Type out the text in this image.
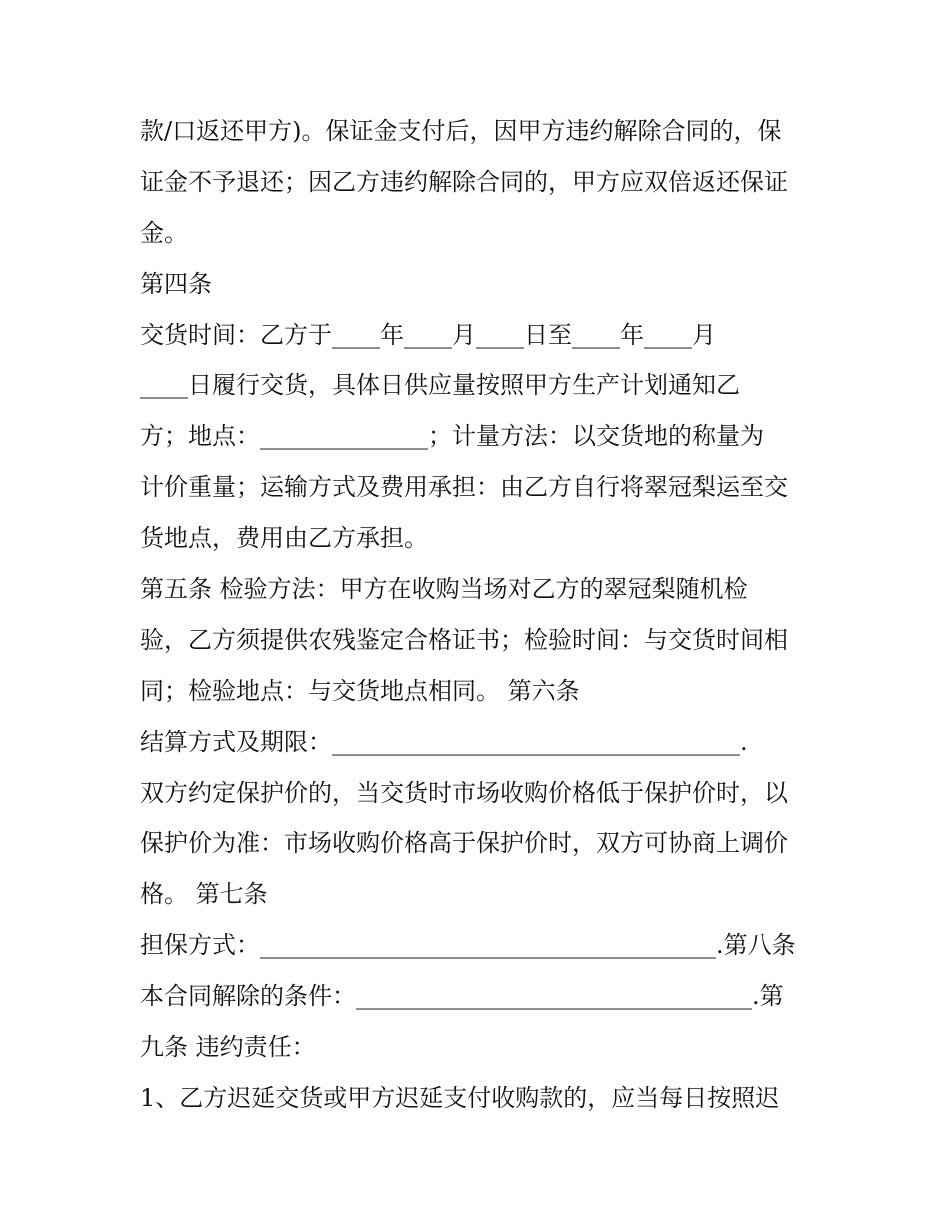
款/口返还甲方)。保证金支付后，因甲方违约解除合同的，保
证金不予退还；因乙方违约解除合同的，甲方应双倍返还保证
金。
第四条
交货时间：乙方于____年____月____日至____年____月
____日履行交货，具体日供应量按照甲方生产计划通知乙
方；地点：______________；计量方法：以交货地的称量为
计价重量；运输方式及费用承担：由乙方自行将翠冠梨运至交
货地点，费用由乙方承担。
第五条 检验方法：甲方在收购当场对乙方的翠冠梨随机检
验，乙方须提供农残鉴定合格证书；检验时间：与交货时间相
同；检验地点：与交货地点相同。 第六条
结算方式及期限：__________________________________.
双方约定保护价的，当交货时市场收购价格低于保护价时，以
保护价为准：市场收购价格高于保护价时，双方可协商上调价
格。 第七条
担保方式：______________________________________.第八条
本合同解除的条件：_________________________________.第
九条 违约责任：
1、乙方迟延交货或甲方迟延支付收购款的，应当每日按照迟
